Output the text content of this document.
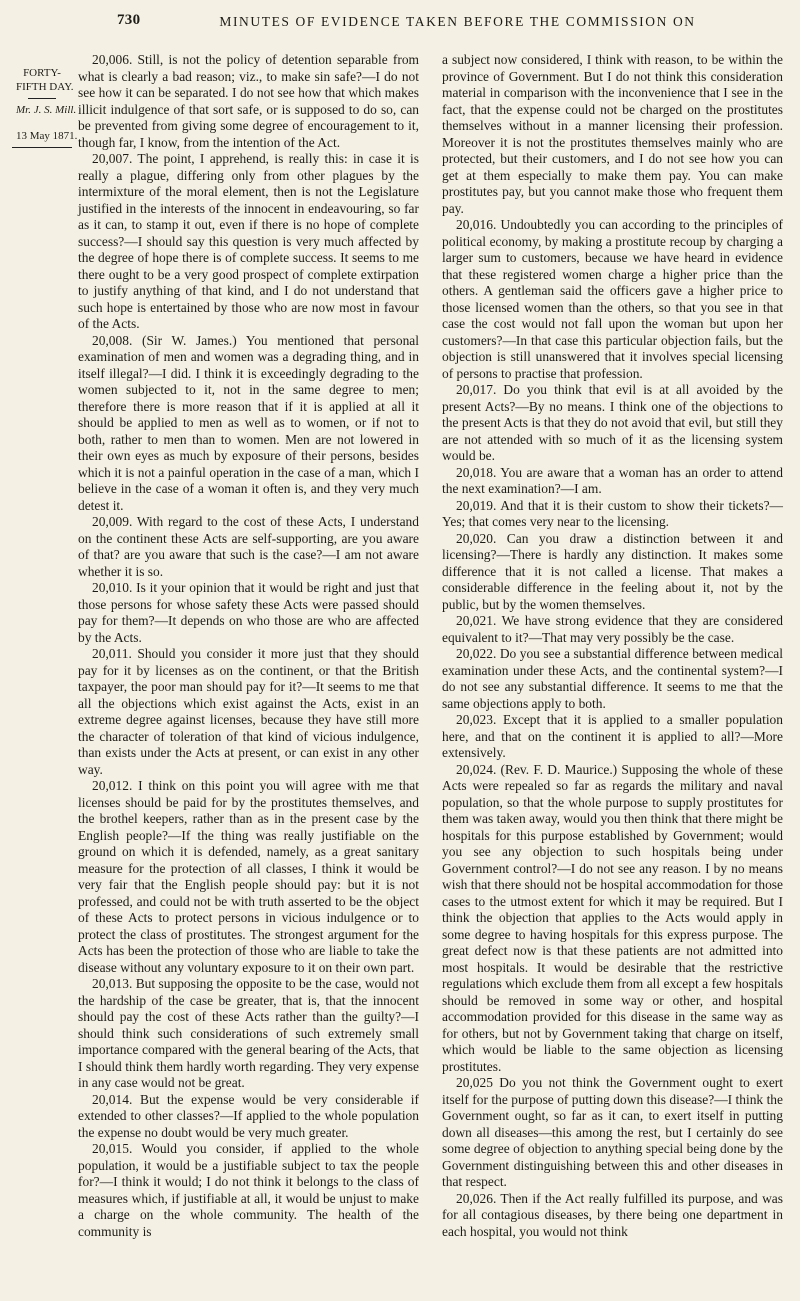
730	MINUTES OF EVIDENCE TAKEN BEFORE THE COMMISSION ON
FORTY-
FIFTH DAY.
Mr. J. S. Mill.
13 May 1871.

20,006. Still, is not the policy of detention separable from what is clearly a bad reason; viz., to make sin safe?—I do not see how it can be separated. I do not see how that which makes illicit indulgence of that sort safe, or is supposed to do so, can be prevented from giving some degree of encouragement to it, though far, I know, from the intention of the Act.

20,007. The point, I apprehend, is really this: in case it is really a plague, differing only from other plagues by the intermixture of the moral element, then is not the Legislature justified in the interests of the innocent in endeavouring, so far as it can, to stamp it out, even if there is no hope of complete success?—I should say this question is very much affected by the degree of hope there is of complete success. It seems to me there ought to be a very good prospect of complete extirpation to justify anything of that kind, and I do not understand that such hope is entertained by those who are now most in favour of the Acts.

20,008. (Sir W. James.) You mentioned that personal examination of men and women was a degrading thing, and in itself illegal?—I did. I think it is exceedingly degrading to the women subjected to it, not in the same degree to men; therefore there is more reason that if it is applied at all it should be applied to men as well as to women, or if not to both, rather to men than to women. Men are not lowered in their own eyes as much by exposure of their persons, besides which it is not a painful operation in the case of a man, which I believe in the case of a woman it often is, and they very much detest it.

20,009. With regard to the cost of these Acts, I understand on the continent these Acts are self-supporting, are you aware of that? are you aware that such is the case?—I am not aware whether it is so.

20,010. Is it your opinion that it would be right and just that those persons for whose safety these Acts were passed should pay for them?—It depends on who those are who are affected by the Acts.

20,011. Should you consider it more just that they should pay for it by licenses as on the continent, or that the British taxpayer, the poor man should pay for it?—It seems to me that all the objections which exist against the Acts, exist in an extreme degree against licenses, because they have still more the character of toleration of that kind of vicious indulgence, than exists under the Acts at present, or can exist in any other way.

20,012. I think on this point you will agree with me that licenses should be paid for by the prostitutes themselves, and the brothel keepers, rather than as in the present case by the English people?—If the thing was really justifiable on the ground on which it is defended, namely, as a great sanitary measure for the protection of all classes, I think it would be very fair that the English people should pay: but it is not professed, and could not be with truth asserted to be the object of these Acts to protect persons in vicious indulgence or to protect the class of prostitutes. The strongest argument for the Acts has been the protection of those who are liable to take the disease without any voluntary exposure to it on their own part.

20,013. But supposing the opposite to be the case, would not the hardship of the case be greater, that is, that the innocent should pay the cost of these Acts rather than the guilty?—I should think such considerations of such extremely small importance compared with the general bearing of the Acts, that I should think them hardly worth regarding. They very expense in any case would not be great.

20,014. But the expense would be very considerable if extended to other classes?—If applied to the whole population the expense no doubt would be very much greater.

20,015. Would you consider, if applied to the whole population, it would be a justifiable subject to tax the people for?—I think it would; I do not think it belongs to the class of measures which, if justifiable at all, it would be unjust to make a charge on the whole community. The health of the community is

a subject now considered, I think with reason, to be within the province of Government. But I do not think this consideration material in comparison with the inconvenience that I see in the fact, that the expense could not be charged on the prostitutes themselves without in a manner licensing their profession. Moreover it is not the prostitutes themselves mainly who are protected, but their customers, and I do not see how you can get at them especially to make them pay. You can make prostitutes pay, but you cannot make those who frequent them pay.

20,016. Undoubtedly you can according to the principles of political economy, by making a prostitute recoup by charging a larger sum to customers, because we have heard in evidence that these registered women charge a higher price than the others. A gentleman said the officers gave a higher price to those licensed women than the others, so that you see in that case the cost would not fall upon the woman but upon her customers?—In that case this particular objection fails, but the objection is still unanswered that it involves special licensing of persons to practise that profession.

20,017. Do you think that evil is at all avoided by the present Acts?—By no means. I think one of the objections to the present Acts is that they do not avoid that evil, but still they are not attended with so much of it as the licensing system would be.

20,018. You are aware that a woman has an order to attend the next examination?—I am.

20,019. And that it is their custom to show their tickets?—Yes; that comes very near to the licensing.

20,020. Can you draw a distinction between it and licensing?—There is hardly any distinction. It makes some difference that it is not called a license. That makes a considerable difference in the feeling about it, not by the public, but by the women themselves.

20,021. We have strong evidence that they are considered equivalent to it?—That may very possibly be the case.

20,022. Do you see a substantial difference between medical examination under these Acts, and the continental system?—I do not see any substantial difference. It seems to me that the same objections apply to both.

20,023. Except that it is applied to a smaller population here, and that on the continent it is applied to all?—More extensively.

20,024. (Rev. F. D. Maurice.) Supposing the whole of these Acts were repealed so far as regards the military and naval population, so that the whole purpose to supply prostitutes for them was taken away, would you then think that there might be hospitals for this purpose established by Government; would you see any objection to such hospitals being under Government control?—I do not see any reason. I by no means wish that there should not be hospital accommodation for those cases to the utmost extent for which it may be required. But I think the objection that applies to the Acts would apply in some degree to having hospitals for this express purpose. The great defect now is that these patients are not admitted into most hospitals. It would be desirable that the restrictive regulations which exclude them from all except a few hospitals should be removed in some way or other, and hospital accommodation provided for this disease in the same way as for others, but not by Government taking that charge on itself, which would be liable to the same objection as licensing prostitutes.

20,025 Do you not think the Government ought to exert itself for the purpose of putting down this disease?—I think the Government ought, so far as it can, to exert itself in putting down all diseases—this among the rest, but I certainly do see some degree of objection to anything special being done by the Government distinguishing between this and other diseases in that respect.

20,026. Then if the Act really fulfilled its purpose, and was for all contagious diseases, by there being one department in each hospital, you would not think
